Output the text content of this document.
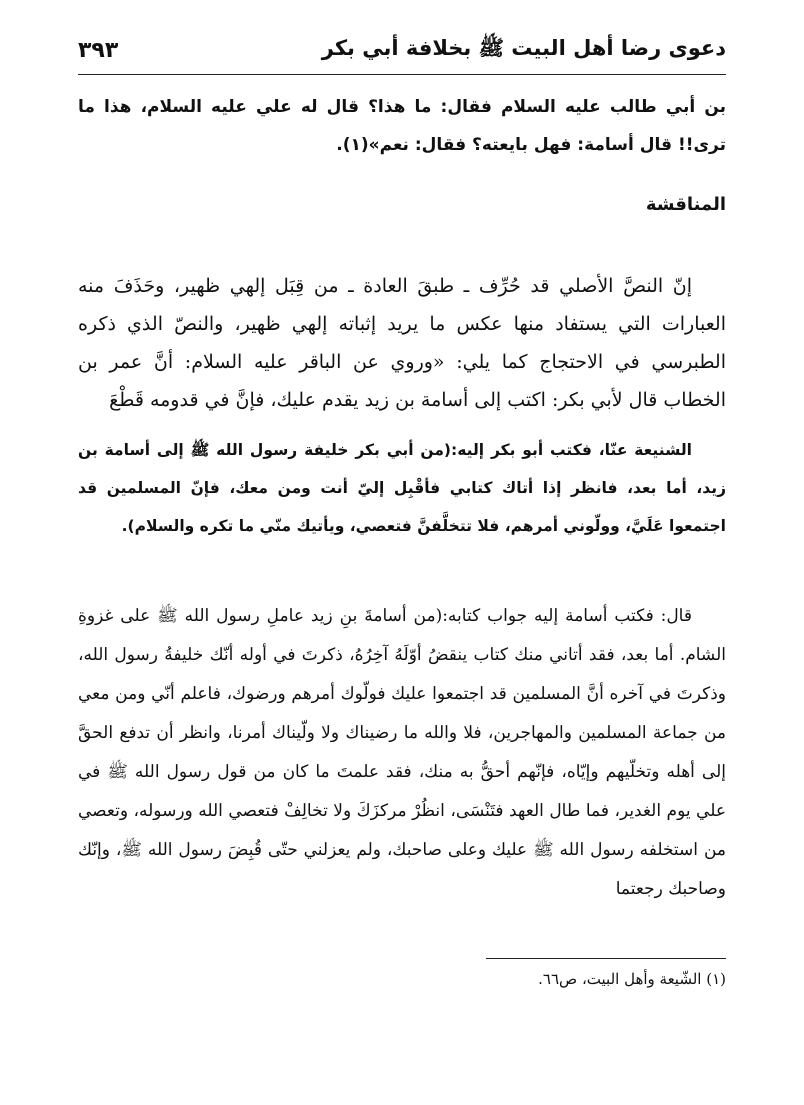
دعوى رضا أهل البيت ﷺ بخلافة أبي بكر
٣٩٣
بن أبي طالب عليه السلام فقال: ما هذا؟ قال له علي عليه السلام، هذا ما ترى!! قال أسامة: فهل بايعته؟ فقال: نعم»(١).
المناقشة

إنّ النصَّ الأصلي قد حُرِّف ـ طبقَ العادة ـ من قِبَل إلهي ظهير، وحَذَفَ منه العبارات التي يستفاد منها عكس ما يريد إثباته إلهي ظهير، والنصّ الذي ذكره الطبرسي في الاحتجاج كما يلي: «وروي عن الباقر عليه السلام: أنَّ عمر بن الخطاب قال لأبي بكر: اكتب إلى أسامة بن زيد يقدم عليك، فإنَّ في قدومه قَطْعَ

الشنيعة عنّا، فكتب أبو بكر إليه:(من أبي بكر خليفة رسول الله ﷺ إلى أسامة بن زيد، أما بعد، فانظر إذا أتاك كتابي فأقْبِل إليّ أنت ومن معك، فإنّ المسلمين قد اجتمعوا عَلَيَّ، وولّوني أمرهم، فلا تتخلَّفنَّ فتعصي، ويأتيك منّي ما تكره والسلام).

قال: فكتب أسامة إليه جواب كتابه:(من أسامةَ بنِ زيد عاملِ رسول الله ﷺ على غزوةِ الشام. أما بعد، فقد أتاني منك كتاب ينقضُ أوّلَهُ آخِرُهُ، ذكرتَ في أوله أنّك خليفةُ رسول الله، وذكرتَ في آخره أنَّ المسلمين قد اجتمعوا عليك فولّوك أمرهم ورضوك، فاعلم أنّي ومن معي من جماعة المسلمين والمهاجرين، فلا والله ما رضيناك ولا ولّيناك أمرنا، وانظر أن تدفع الحقَّ إلى أهله وتخلّيهم وإيّاه، فإنّهم أحقُّ به منك، فقد علمتَ ما كان من قول رسول الله ﷺ في علي يوم الغدير، فما طال العهد فتَنْسَى، انظُرْ مركزَكَ ولا تخالِفْ فتعصي الله ورسوله، وتعصي من استخلفه رسول الله ﷺ عليك وعلى صاحبك، ولم يعزلني حتّى قُبِضَ رسول الله ﷺ، وإنّك وصاحبك رجعتما

(١) الشّيعة وأهل البيت، ص٦٦.
